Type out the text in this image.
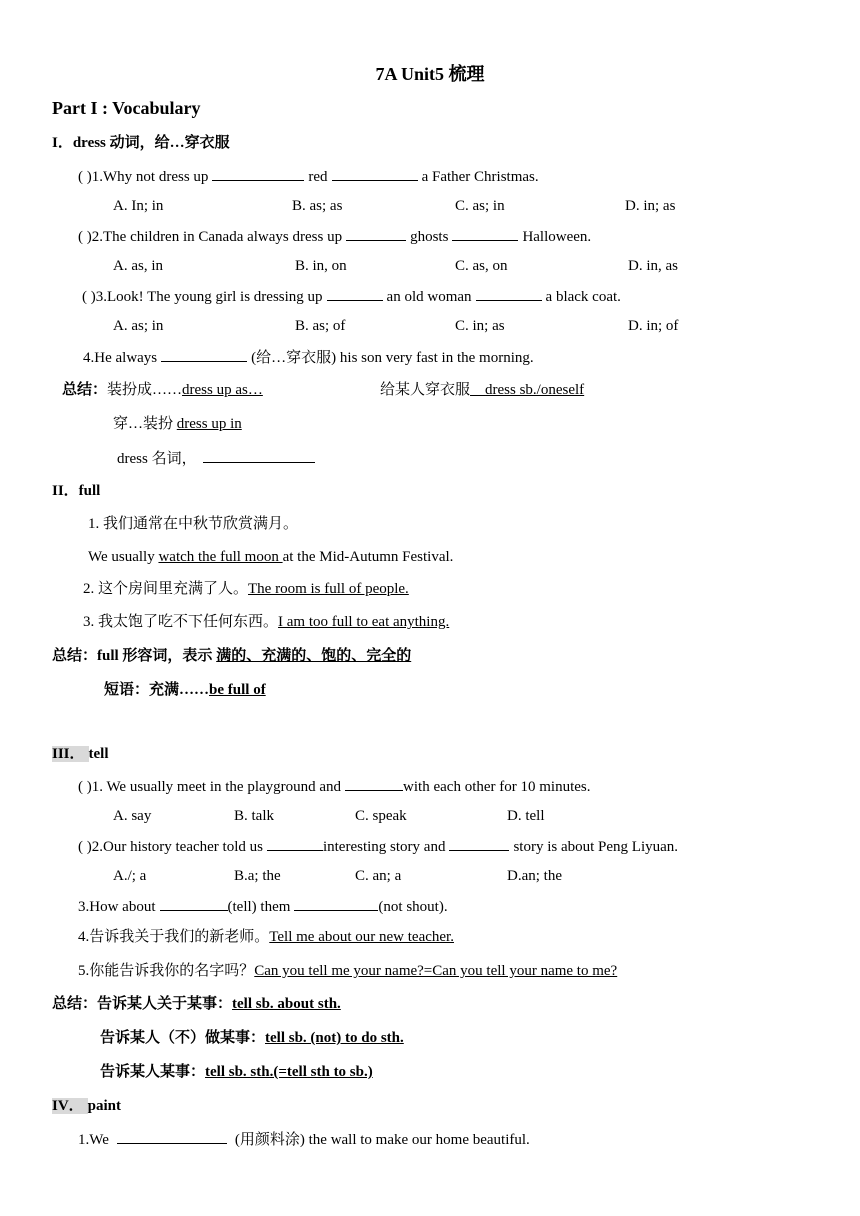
7A Unit5 梳理
Part I : Vocabulary
I．dress 动词，给…穿衣服
( )1.Why not dress up	red	a Father Christmas.
A. In; in	B. as; as	C. as; in	D. in; as
( )2.The children in Canada always dress up	ghosts	Halloween.
A. as, in	B. in, on	C. as, on	D. in, as
( )3.Look! The young girl is dressing up	an old woman	a black coat.
A. as; in	B. as; of	C. in; as	D. in; of
4.He always	(给…穿衣服) his son very fast in the morning.
总结：装扮成……dress up as…	给某人穿衣服   dress sb./oneself
穿…装扮 dress up in
dress 名词，
II．full
1. 我们通常在中秋节欣赏满月。
We usually watch the full moon at the Mid-Autumn Festival.
2. 这个房间里充满了人。The room is full of people.
3. 我太饱了吃不下任何东西。I am too full to eat anything.
总结：full 形容词，表示 满的、充满的、饱的、完全的
短语：充满……be full of
III． tell
( )1. We usually meet in the playground and	with each other for 10 minutes.
A. say	B. talk	C. speak	D. tell
( )2.Our history teacher told us	interesting story and	story is about Peng Liyuan.
A./; a	B.a; the	C. an; a	D.an; the
3.How about	(tell) them	(not shout).
4.告诉我关于我们的新老师。Tell me about our new teacher.
5.你能告诉我你的名字吗？Can you tell me your name?=Can you tell your name to me?
总结：告诉某人关于某事：tell sb. about sth.
告诉某人（不）做某事：tell sb. (not) to do sth.
告诉某人某事：tell sb. sth.(=tell sth to sb.)
IV． paint
1.We	(用颜料涂) the wall to make our home beautiful.
